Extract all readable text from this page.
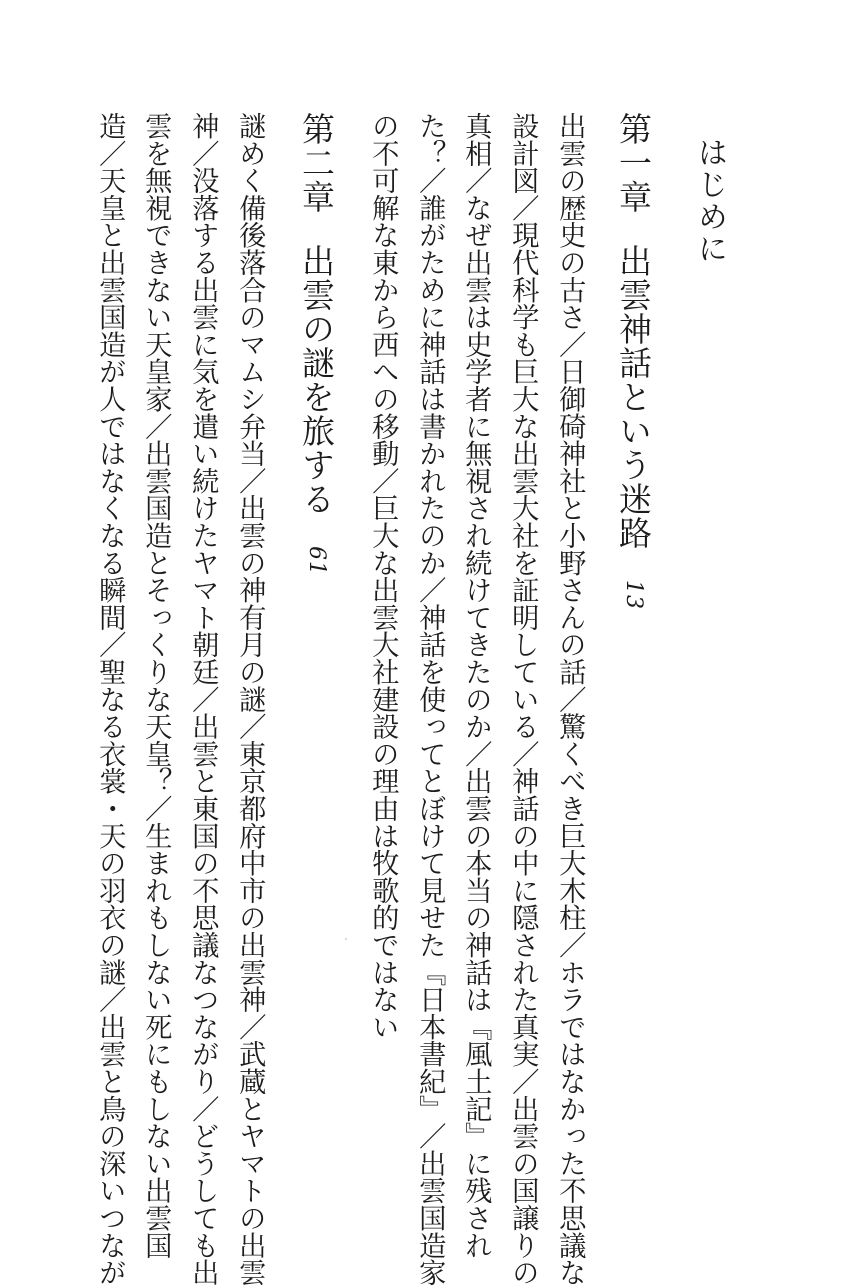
はじめに
第一章出雲神話という迷路13
出雲の歴史の古さ／日御碕神社と小野さんの話／驚くべき巨大木柱／ホラではなかった不思議な
設計図／現代科学も巨大な出雲大社を証明している／神話の中に隠された真実／出雲の国譲りの
真相／なぜ出雲は史学者に無視され続けてきたのか／出雲の本当の神話は『風土記』に残され
た？／誰がために神話は書かれたのか／神話を使ってとぼけて見せた『日本書紀』／出雲国造家
の不可解な東から西への移動／巨大な出雲大社建設の理由は牧歌的ではない
第二章出雲の謎を旅する61
謎めく備後落合のマムシ弁当／出雲の神有月の謎／東京都府中市の出雲神／武蔵とヤマトの出雲
神／没落する出雲に気を遣い続けたヤマト朝廷／出雲と東国の不思議なつながり／どうしても出
雲を無視できない天皇家／出雲国造とそっくりな天皇？／生まれもしない死にもしない出雲国
造／天皇と出雲国造が人ではなくなる瞬間／聖なる衣裳・天の羽衣の謎／出雲と鳥の深いつなが
